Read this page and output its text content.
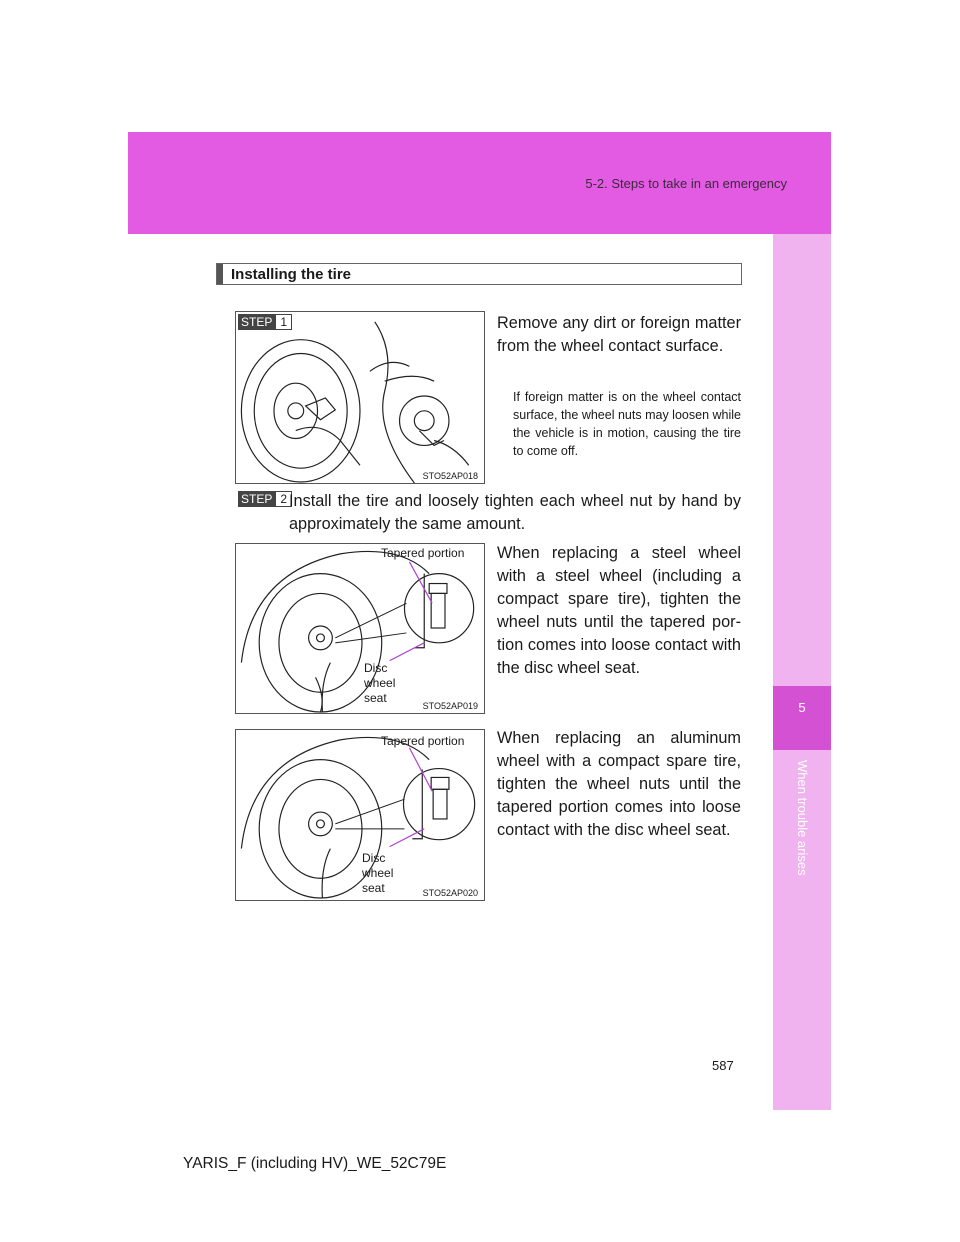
5-2. Steps to take in an emergency
5
When trouble arises
Installing the tire
STEP 1
STO52AP018
Remove any dirt or foreign matter from the wheel contact surface.
If foreign matter is on the wheel contact surface, the wheel nuts may loosen while the vehicle is in motion, causing the tire to come off.
STEP 2 Install the tire and loosely tighten each wheel nut by hand by approximately the same amount.
Tapered portion
Disc wheel seat
STO52AP019
When replacing a steel wheel with a steel wheel (including a compact spare tire), tighten the wheel nuts until the tapered portion comes into loose contact with the disc wheel seat.
Tapered portion
Disc wheel seat	STO52AP020
When replacing an aluminum wheel with a compact spare tire, tighten the wheel nuts until the tapered portion comes into loose contact with the disc wheel seat.
587
YARIS_F (including HV)_WE_52C79E
